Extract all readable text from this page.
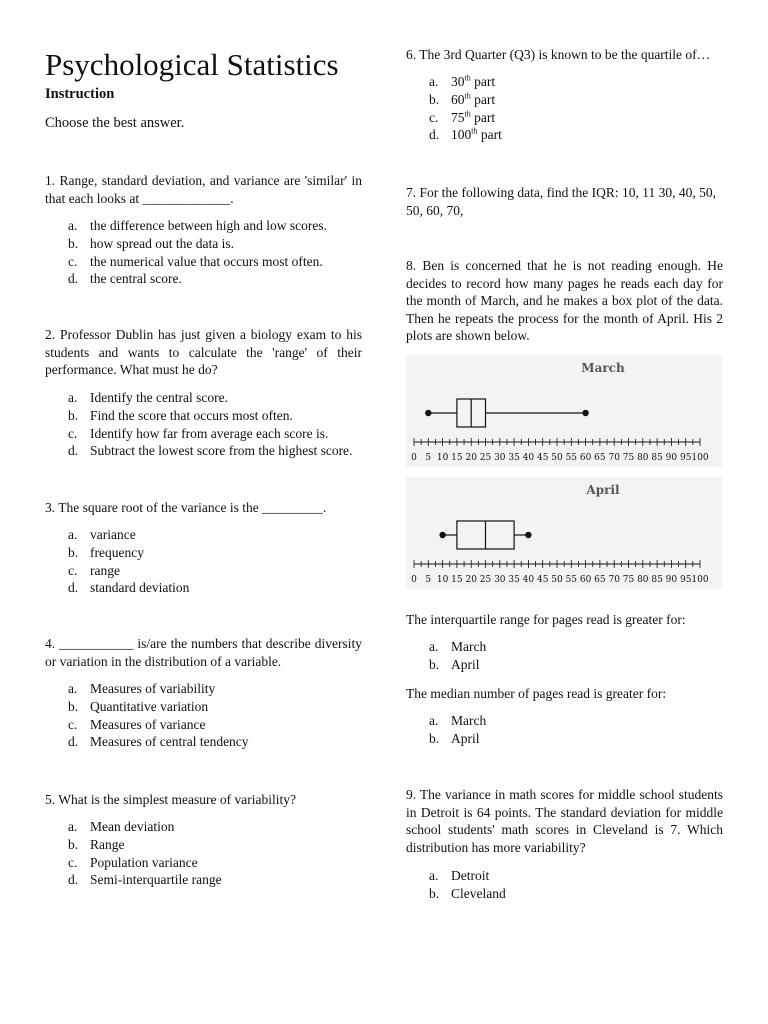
Psychological Statistics
Instruction
Choose the best answer.
1. Range, standard deviation, and variance are 'similar' in that each looks at _____________.
a. the difference between high and low scores.
b. how spread out the data is.
c. the numerical value that occurs most often.
d. the central score.
2. Professor Dublin has just given a biology exam to his students and wants to calculate the 'range' of their performance. What must he do?
a. Identify the central score.
b. Find the score that occurs most often.
c. Identify how far from average each score is.
d. Subtract the lowest score from the highest score.
3. The square root of the variance is the _________.
a. variance
b. frequency
c. range
d. standard deviation
4. ___________ is/are the numbers that describe diversity or variation in the distribution of a variable.
a. Measures of variability
b. Quantitative variation
c. Measures of variance
d. Measures of central tendency
5. What is the simplest measure of variability?
a. Mean deviation
b. Range
c. Population variance
d. Semi-interquartile range
6. The 3rd Quarter (Q3) is known to be the quartile of…
a. 30th part
b. 60th part
c. 75th part
d. 100th part
7. For the following data, find the IQR: 10, 11 30, 40, 50, 50, 60, 70,
8. Ben is concerned that he is not reading enough. He decides to record how many pages he reads each day for the month of March, and he makes a box plot of the data. Then he repeats the process for the month of April. His 2 plots are shown below.
March
0 5 10 15 20 25 30 35 40 45 50 55 60 65 70 75 80 85 90 95 100
April
0 5 10 15 20 25 30 35 40 45 50 55 60 65 70 75 80 85 90 95 100
The interquartile range for pages read is greater for:
a. March
b. April
The median number of pages read is greater for:
a. March
b. April
9. The variance in math scores for middle school students in Detroit is 64 points. The standard deviation for middle school students' math scores in Cleveland is 7. Which distribution has more variability?
a. Detroit
b. Cleveland
